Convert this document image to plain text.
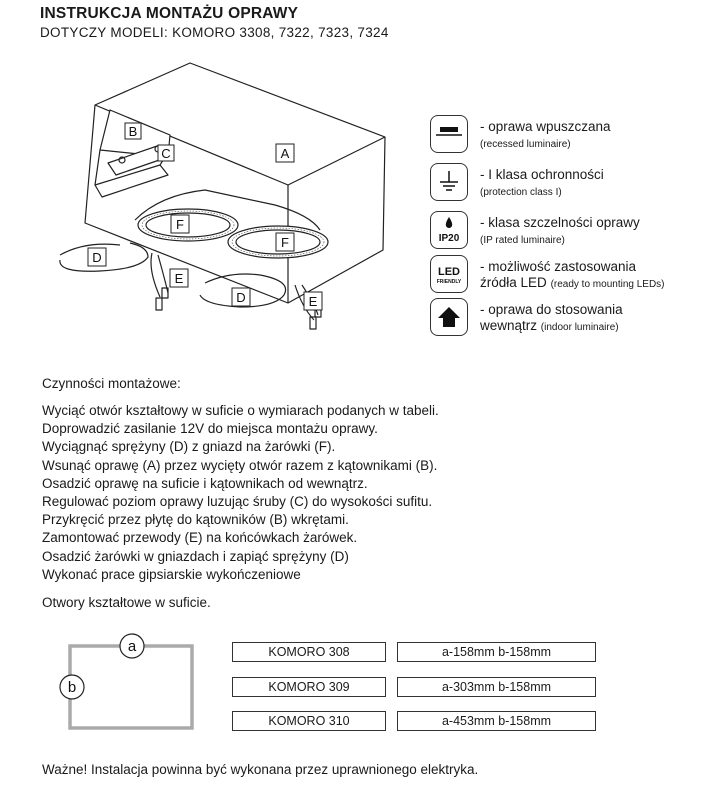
INSTRUKCJA MONTAŻU OPRAWY
DOTYCZY MODELI: KOMORO 3308, 7322, 7323, 7324
B
C	A
F
F
D
D
E
E
- oprawa wpuszczana
(recessed luminaire)
- I klasa ochronności
(protection class I)
IP20
- klasa szczelności oprawy
(IP rated luminaire)
LED
FRIENDLY
- możliwość zastosowania
źródła LED (ready to mounting LEDs)
- oprawa do stosowania
wewnątrz (indoor luminaire)
Czynności montażowe:
Wyciąć otwór kształtowy w suficie o wymiarach podanych w tabeli.
Doprowadzić zasilanie 12V do miejsca montażu oprawy.
Wyciągnąć sprężyny (D) z gniazd na żarówki (F).
Wsunąć oprawę (A) przez wycięty otwór razem z kątownikami (B).
Osadzić oprawę na suficie i kątownikach od wewnątrz.
Regulować poziom oprawy luzując śruby (C) do wysokości sufitu.
Przykręcić przez płytę do kątowników (B) wkrętami.
Zamontować przewody (E) na końcówkach żarówek.
Osadzić żarówki w gniazdach i zapiąć sprężyny (D)
Wykonać prace gipsiarskie wykończeniowe
Otwory kształtowe w suficie.
a
b
KOMORO 308	a-158mm b-158mm
KOMORO 309	a-303mm b-158mm
KOMORO 310	a-453mm b-158mm
Ważne! Instalacja powinna być wykonana przez uprawnionego elektryka.
